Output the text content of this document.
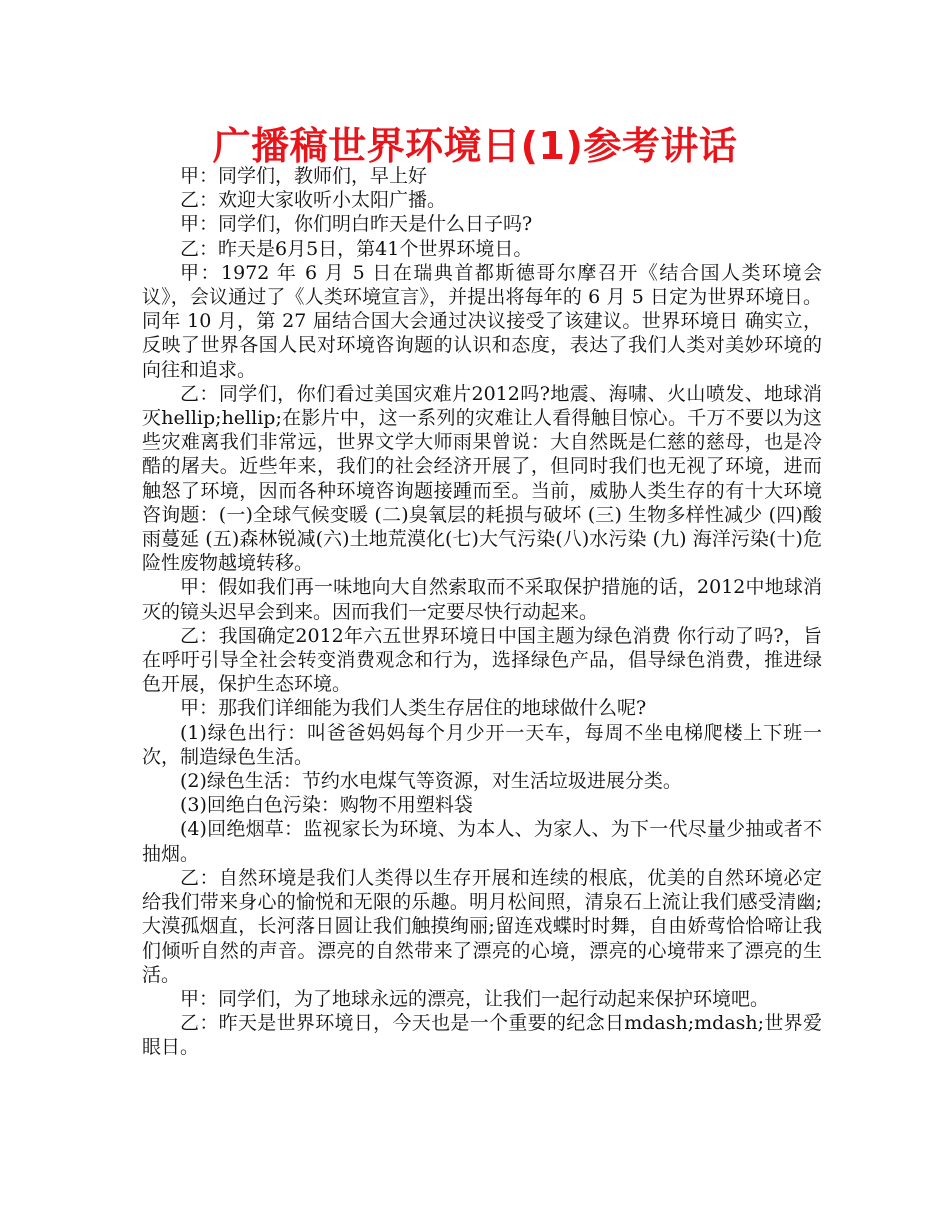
广播稿世界环境日(1)参考讲话

甲：同学们，教师们，早上好

乙：欢迎大家收听小太阳广播。

甲：同学们，你们明白昨天是什么日子吗?

乙：昨天是6月5日，第41个世界环境日。

甲：1972 年 6 月 5 日在瑞典首都斯德哥尔摩召开《结合国人类环境会议》，会议通过了《人类环境宣言》，并提出将每年的 6 月 5 日定为世界环境日。同年 10 月，第 27 届结合国大会通过决议接受了该建议。世界环境日 确实立，反映了世界各国人民对环境咨询题的认识和态度，表达了我们人类对美妙环境的向往和追求。

乙：同学们，你们看过美国灾难片2012吗?地震、海啸、火山喷发、地球消灭hellip;hellip;在影片中，这一系列的灾难让人看得触目惊心。千万不要以为这些灾难离我们非常远，世界文学大师雨果曾说：大自然既是仁慈的慈母，也是冷酷的屠夫。近些年来，我们的社会经济开展了，但同时我们也无视了环境，进而触怒了环境，因而各种环境咨询题接踵而至。当前，威胁人类生存的有十大环境咨询题：(一)全球气候变暖 (二)臭氧层的耗损与破坏 (三) 生物多样性减少 (四)酸雨蔓延 (五)森林锐减(六)土地荒漠化(七)大气污染(八)水污染 (九) 海洋污染(十)危险性废物越境转移。

甲：假如我们再一味地向大自然索取而不采取保护措施的话，2012中地球消灭的镜头迟早会到来。因而我们一定要尽快行动起来。

乙：我国确定2012年六五世界环境日中国主题为绿色消费 你行动了吗?，旨在呼吁引导全社会转变消费观念和行为，选择绿色产品，倡导绿色消费，推进绿色开展，保护生态环境。

甲：那我们详细能为我们人类生存居住的地球做什么呢?

(1)绿色出行：叫爸爸妈妈每个月少开一天车，每周不坐电梯爬楼上下班一次，制造绿色生活。

(2)绿色生活：节约水电煤气等资源，对生活垃圾进展分类。

(3)回绝白色污染：购物不用塑料袋

(4)回绝烟草：监视家长为环境、为本人、为家人、为下一代尽量少抽或者不抽烟。

乙：自然环境是我们人类得以生存开展和连续的根底，优美的自然环境必定给我们带来身心的愉悦和无限的乐趣。明月松间照，清泉石上流让我们感受清幽;大漠孤烟直，长河落日圆让我们触摸绚丽;留连戏蝶时时舞，自由娇莺恰恰啼让我们倾听自然的声音。漂亮的自然带来了漂亮的心境，漂亮的心境带来了漂亮的生活。

甲：同学们，为了地球永远的漂亮，让我们一起行动起来保护环境吧。

乙：昨天是世界环境日，今天也是一个重要的纪念日mdash;mdash;世界爱眼日。
